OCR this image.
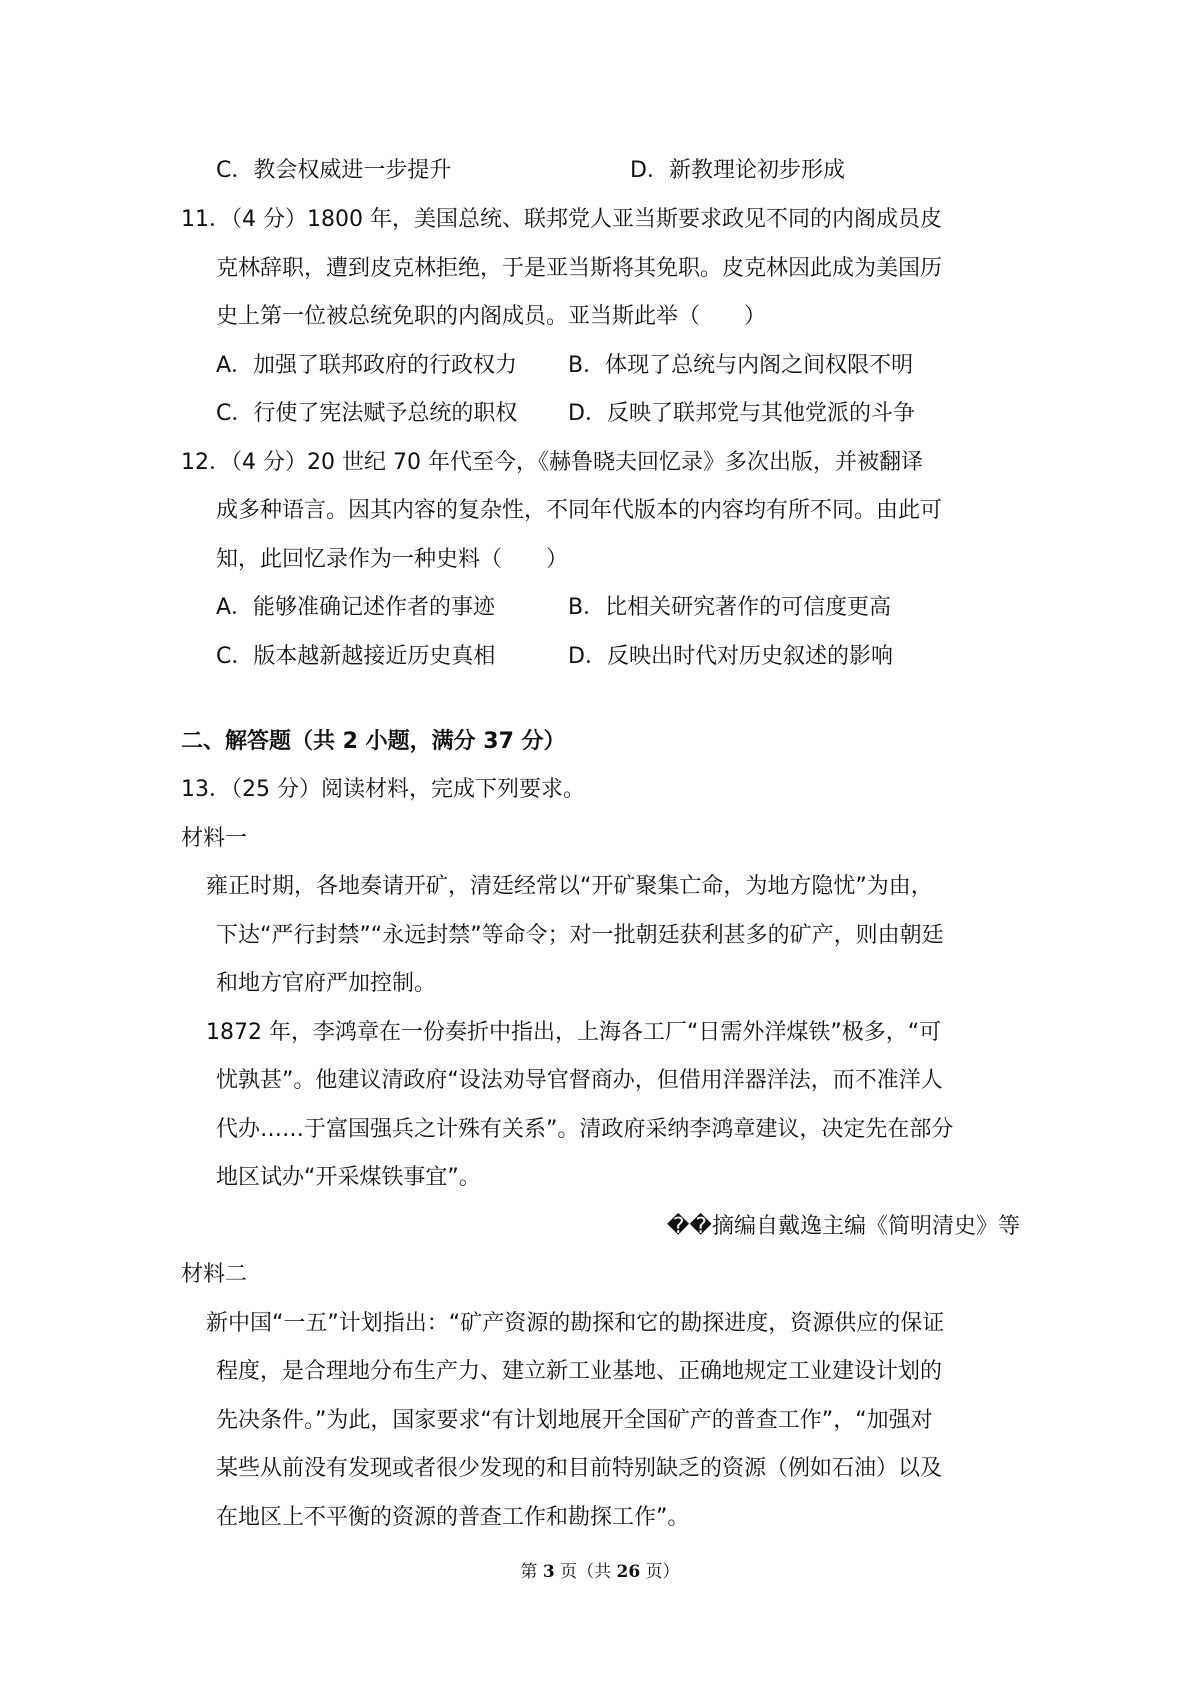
C．教会权威进一步提升	D．新教理论初步形成
11．（4 分）1800 年，美国总统、联邦党人亚当斯要求政见不同的内阁成员皮
克林辞职，遭到皮克林拒绝，于是亚当斯将其免职。皮克林因此成为美国历
史上第一位被总统免职的内阁成员。亚当斯此举（　　）
A．加强了联邦政府的行政权力 B．体现了总统与内阁之间权限不明
C．行使了宪法赋予总统的职权 D．反映了联邦党与其他党派的斗争
12．（4 分）20 世纪 70 年代至今，《赫鲁晓夫回忆录》多次出版，并被翻译
成多种语言。因其内容的复杂性，不同年代版本的内容均有所不同。由此可
知，此回忆录作为一种史料（　　）
A．能够准确记述作者的事迹	B．比相关研究著作的可信度更高
C．版本越新越接近历史真相	D．反映出时代对历史叙述的影响
二、解答题（共 2 小题，满分 37 分）
13．（25 分）阅读材料，完成下列要求。
材料一
雍正时期，各地奏请开矿，清廷经常以“开矿聚集亡命，为地方隐忧”为由，
下达“严行封禁”“永远封禁”等命令；对一批朝廷获利甚多的矿产，则由朝廷
和地方官府严加控制。
1872 年，李鸿章在一份奏折中指出，上海各工厂“日需外洋煤铁”极多，“可
忧孰甚”。他建议清政府“设法劝导官督商办，但借用洋器洋法，而不准洋人
代办……于富国强兵之计殊有关系”。清政府采纳李鸿章建议，决定先在部分
地区试办“开采煤铁事宜”。
��摘编自戴逸主编《简明清史》等
材料二
新中国“一五”计划指出：“矿产资源的勘探和它的勘探进度，资源供应的保证
程度，是合理地分布生产力、建立新工业基地、正确地规定工业建设计划的
先决条件。”为此，国家要求“有计划地展开全国矿产的普查工作”，“加强对
某些从前没有发现或者很少发现的和目前特别缺乏的资源（例如石油）以及
在地区上不平衡的资源的普查工作和勘探工作”。
第 3 页（共 26 页）
